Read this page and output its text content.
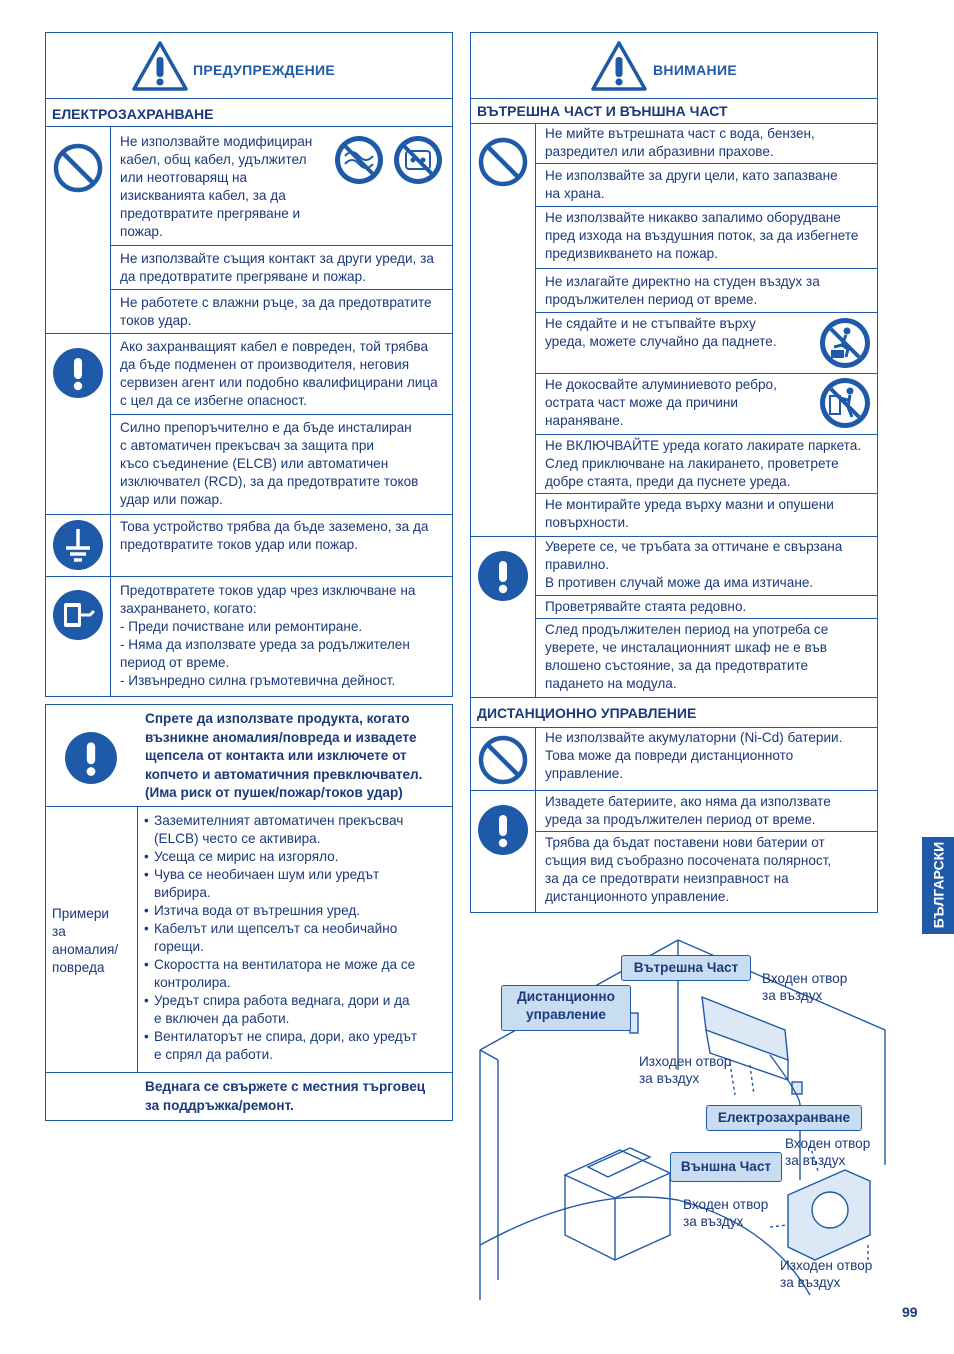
ПРЕДУПРЕЖДЕНИЕ
ЕЛЕКТРОЗАХРАНВАНЕ
Не използвайте модифициран
кабел, общ кабел, удължител
или неотговарящ на
изискванията кабел, за да
предотвратите прегряване и
пожар.
Не използвайте същия контакт за други уреди, за
да предотвратите прегряване и пожар.
Не работете с влажни ръце, за да предотвратите
токов удар.
Ако захранващият кабел е повреден, той трябва
да бъде подменен от производителя, неговия
сервизен агент или подобно квалифицирани лица
с цел да се избегне опасност.
Силно препоръчително е да бъде инсталиран
с автоматичен прекъсвач за защита при
късо съединение (ELCB) или автоматичен
изключвател (RCD), за да предотвратите токов
удар или пожар.
Това устройство трябва да бъде заземено, за да
предотвратите токов удар или пожар.
Предотвратете токов удар чрез изключване на
захранването, когато:
- Преди почистване или ремонтиране.
- Няма да използвате уреда за родължителен
период от време.
- Извънредно силна гръмотевична дейност.
Спрете да използвате продукта, когато
възникне аномалия/повреда и извадете
щепсела от контакта или изключете от
копчето и автоматичния превключвател.
(Има риск от пушек/пожар/токов удар)
Примери
за
аномалия/
повреда
• Заземителният автоматичен прекъсвач
(ELCB) често се активира.
• Усеща се мирис на изгоряло.
• Чува се необичаен шум или уредът
вибрира.
• Изтича вода от вътрешния уред.
• Кабелът или щепселът са необичайно
горещи.
• Скоростта на вентилатора не може да се
контролира.
• Уредът спира работа веднага, дори и да
е включен да работи.
• Вентилаторът не спира, дори, ако уредът
е спрял да работи.
Веднага се свържете с местния търговец
за поддръжка/ремонт.
ВНИМАНИЕ
ВЪТРЕШНА ЧАСТ И ВЪНШНА ЧАСТ
Не мийте вътрешната част с вода, бензен,
разредител или абразивни прахове.
Не използвайте за други цели, като запазване
на храна.
Не използвайте никакво запалимо оборудване
пред изхода на въздушния поток, за да избегнете
предизвикването на пожар.
Не излагайте директно на студен въздух за
продължителен период от време.
Не сядайте и не стъпвайте върху
уреда, можете случайно да паднете.
Не докосвайте алуминиевото ребро,
острата част може да причини
нараняване.
Не ВКЛЮЧВАЙТЕ уреда когато лакирате паркета.
След приключване на лакирането, проветрете
добре стаята, преди да пуснете уреда.
Не монтирайте уреда върху мазни и опушени
повърхности.
Уверете се, че тръбата за оттичане е свързана
правилно.
В противен случай може да има изтичане.
Проветрявайте стаята редовно.
След продължителен период на употреба се
уверете, че инсталационният шкаф не е във
влошено състояние, за да предотвратите
падането на модула.
ДИСТАНЦИОННО УПРАВЛЕНИЕ
Не използвайте акумулаторни (Ni-Cd) батерии.
Това може да повреди дистанционното
управление.
Извадете батериите, ако няма да използвате
уреда за продължителен период от време.
Трябва да бъдат поставени нови батерии от
същия вид съобразно посочената полярност,
за да се предотврати неизправност на
дистанционното управление.
Вътрешна Част
Дистанционно
управление
Електрозахранване
Външна Част
Входен отвор
за въздух
Изходен отвор
за въздух
Входен отвор
за въздух
Входен отвор
за въздух
Изходен отвор
за въздух
БЪЛГАРСКИ
99
